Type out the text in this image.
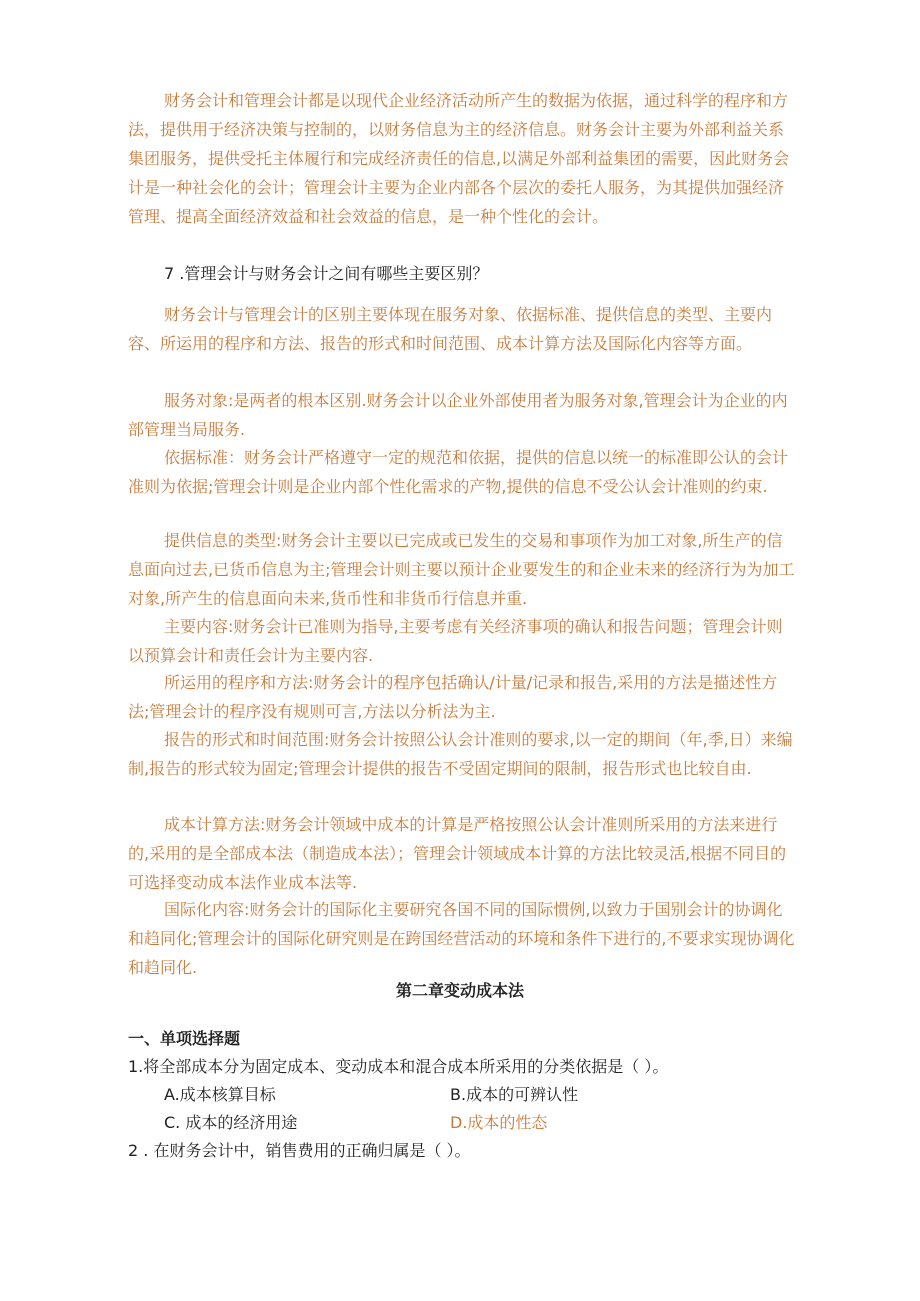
财务会计和管理会计都是以现代企业经济活动所产生的数据为依据，通过科学的程序和方法，提供用于经济决策与控制的，以财务信息为主的经济信息。财务会计主要为外部利益关系集团服务，提供受托主体履行和完成经济责任的信息,以满足外部利益集团的需要，因此财务会计是一种社会化的会计；管理会计主要为企业内部各个层次的委托人服务，为其提供加强经济管理、提高全面经济效益和社会效益的信息，是一种个性化的会计。

7 .管理会计与财务会计之间有哪些主要区别？

财务会计与管理会计的区别主要体现在服务对象、依据标准、提供信息的类型、主要内容、所运用的程序和方法、报告的形式和时间范围、成本计算方法及国际化内容等方面。

服务对象:是两者的根本区别.财务会计以企业外部使用者为服务对象,管理会计为企业的内部管理当局服务.

依据标准：财务会计严格遵守一定的规范和依据，提供的信息以统一的标准即公认的会计准则为依据;管理会计则是企业内部个性化需求的产物,提供的信息不受公认会计准则的约束.

提供信息的类型:财务会计主要以已完成或已发生的交易和事项作为加工对象,所生产的信息面向过去,已货币信息为主;管理会计则主要以预计企业要发生的和企业未来的经济行为为加工对象,所产生的信息面向未来,货币性和非货币行信息并重.

主要内容:财务会计已准则为指导,主要考虑有关经济事项的确认和报告问题；管理会计则以预算会计和责任会计为主要内容.

所运用的程序和方法:财务会计的程序包括确认/计量/记录和报告,采用的方法是描述性方法;管理会计的程序没有规则可言,方法以分析法为主.

报告的形式和时间范围:财务会计按照公认会计准则的要求,以一定的期间（年,季,日）来编制,报告的形式较为固定;管理会计提供的报告不受固定期间的限制，报告形式也比较自由.

成本计算方法:财务会计领域中成本的计算是严格按照公认会计准则所采用的方法来进行的,采用的是全部成本法（制造成本法）；管理会计领域成本计算的方法比较灵活,根据不同目的可选择变动成本法作业成本法等.

国际化内容:财务会计的国际化主要研究各国不同的国际惯例,以致力于国别会计的协调化和趋同化;管理会计的国际化研究则是在跨国经营活动的环境和条件下进行的,不要求实现协调化和趋同化.

第二章变动成本法

一、单项选择题

1.将全部成本分为固定成本、变动成本和混合成本所采用的分类依据是（ ）。

A.成本核算目标	B.成本的可辨认性

C. 成本的经济用途	D.成本的性态

2 . 在财务会计中，销售费用的正确归属是（ ）。
